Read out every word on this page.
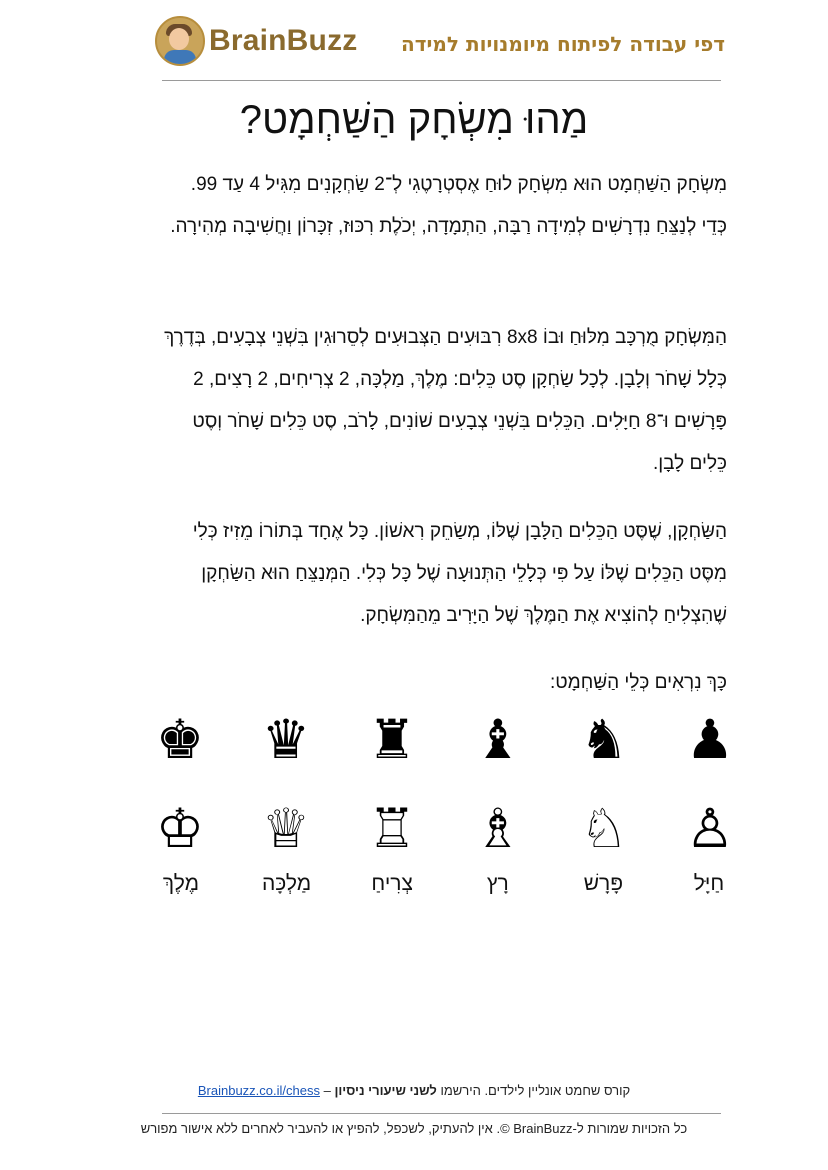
BrainBuzz דפי עבודה לפיתוח מיומנויות למידה
מַהוּ מִשְׂחָק הַשַּׁחְמָט?

מִשְׂחָק הַשַּׁחְמָט הוּא מִשְׂחָק לוּחַ אֶסְטְרָטֶגִי לְ־2 שַׂחְקָנִים מִגִּיל 4 עַד 99. כְּדֵי לְנַצֵּחַ נִדְרָשִׁים לְמִידָה רַבָּה, הַתְמָדָה, יְכֹלֶת רִכּוּז, זִכָּרוֹן וַחֲשִׁיבָה מְהִירָה.

הַמִּשְׂחָק מֻרְכָּב מִלּוּחַ וּבוֹ 8x8 רִבּוּעִים הַצְּבוּעִים לְסֵרוּגִין בִּשְׁנֵי צְבָעִים, בְּדֶרֶךְ כְּלָל שָׁחֹר וְלָבָן. לְכָל שַׂחְקָן סֶט כֵּלִים: מֶלֶךְ, מַלְכָּה, 2 צְרִיחִים, 2 רָצִים, 2 פָּרָשִׁים וּ־8 חַיָּלִים. הַכֵּלִים בִּשְׁנֵי צְבָעִים שׁוֹנִים, לָרֹב, סֶט כֵּלִים שָׁחֹר וְסֶט כֵּלִים לָבָן.

הַשַּׂחְקָן, שֶׁסֶּט הַכֵּלִים הַלָּבָן שֶׁלּוֹ, מְשַׂחֵק רִאשׁוֹן. כָּל אֶחָד בְּתוֹרוֹ מֵזִיז כְּלִי מִסֶּט הַכֵּלִים שֶׁלּוֹ עַל פִּי כְּלָלֵי הַתְּנוּעָה שֶׁל כָּל כְּלִי. הַמְּנַצֵּחַ הוּא הַשַּׂחְקָן שֶׁהִצְלִיחַ לְהוֹצִיא אֶת הַמֶּלֶךְ שֶׁל הַיָּרִיב מֵהַמִּשְׂחָק.

כָּךְ נִרְאִים כְּלֵי הַשַּׁחְמָט:

♟
♞
♝
♜
♛
♚
♙
♘
♗
♖
♕
♔
חַיָּל
פָּרָשׁ
רָץ
צְרִיחַ
מַלְכָּה
מֶלֶךְ
קורס שחמט אונליין לילדים. הירשמו לשני שיעורי ניסיון – Brainbuzz.co.il/chess
כל הזכויות שמורות ל-BrainBuzz ©. אין להעתיק, לשכפל, להפיץ או להעביר לאחרים ללא אישור מפורש
